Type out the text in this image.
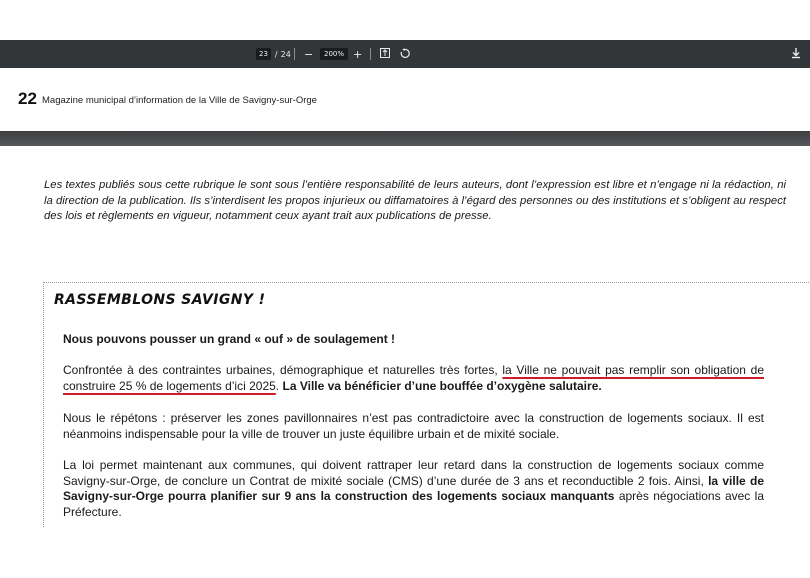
23 / 24 −	200% +
22 Magazine municipal d’information de la Ville de Savigny-sur-Orge
Les textes publiés sous cette rubrique le sont sous l’entière responsabilité de leurs auteurs, dont l’expression est libre et n’engage ni la rédaction, ni la direction de la publication. Ils s’interdisent les propos injurieux ou diffamatoires à l’égard des personnes ou des institutions et s’obligent au respect des lois et règlements en vigueur, notamment ceux ayant trait aux publications de presse.
RASSEMBLONS SAVIGNY !
Nous pouvons pousser un grand « ouf » de soulagement !
Confrontée à des contraintes urbaines, démographique et naturelles très fortes, la Ville ne pouvait pas remplir son obligation de construire 25 % de logements d’ici 2025. La Ville va bénéficier d’une bouffée d’oxygène salutaire.
Nous le répétons : préserver les zones pavillonnaires n’est pas contradictoire avec la construction de logements sociaux. Il est néanmoins indispensable pour la ville de trouver un juste équilibre urbain et de mixité sociale.
La loi permet maintenant aux communes, qui doivent rattraper leur retard dans la construction de logements sociaux comme Savigny-sur-Orge, de conclure un Contrat de mixité sociale (CMS) d’une durée de 3 ans et reconductible 2 fois. Ainsi, la ville de Savigny-sur-Orge pourra planifier sur 9 ans la construction des logements sociaux manquants après négociations avec la Préfecture.
